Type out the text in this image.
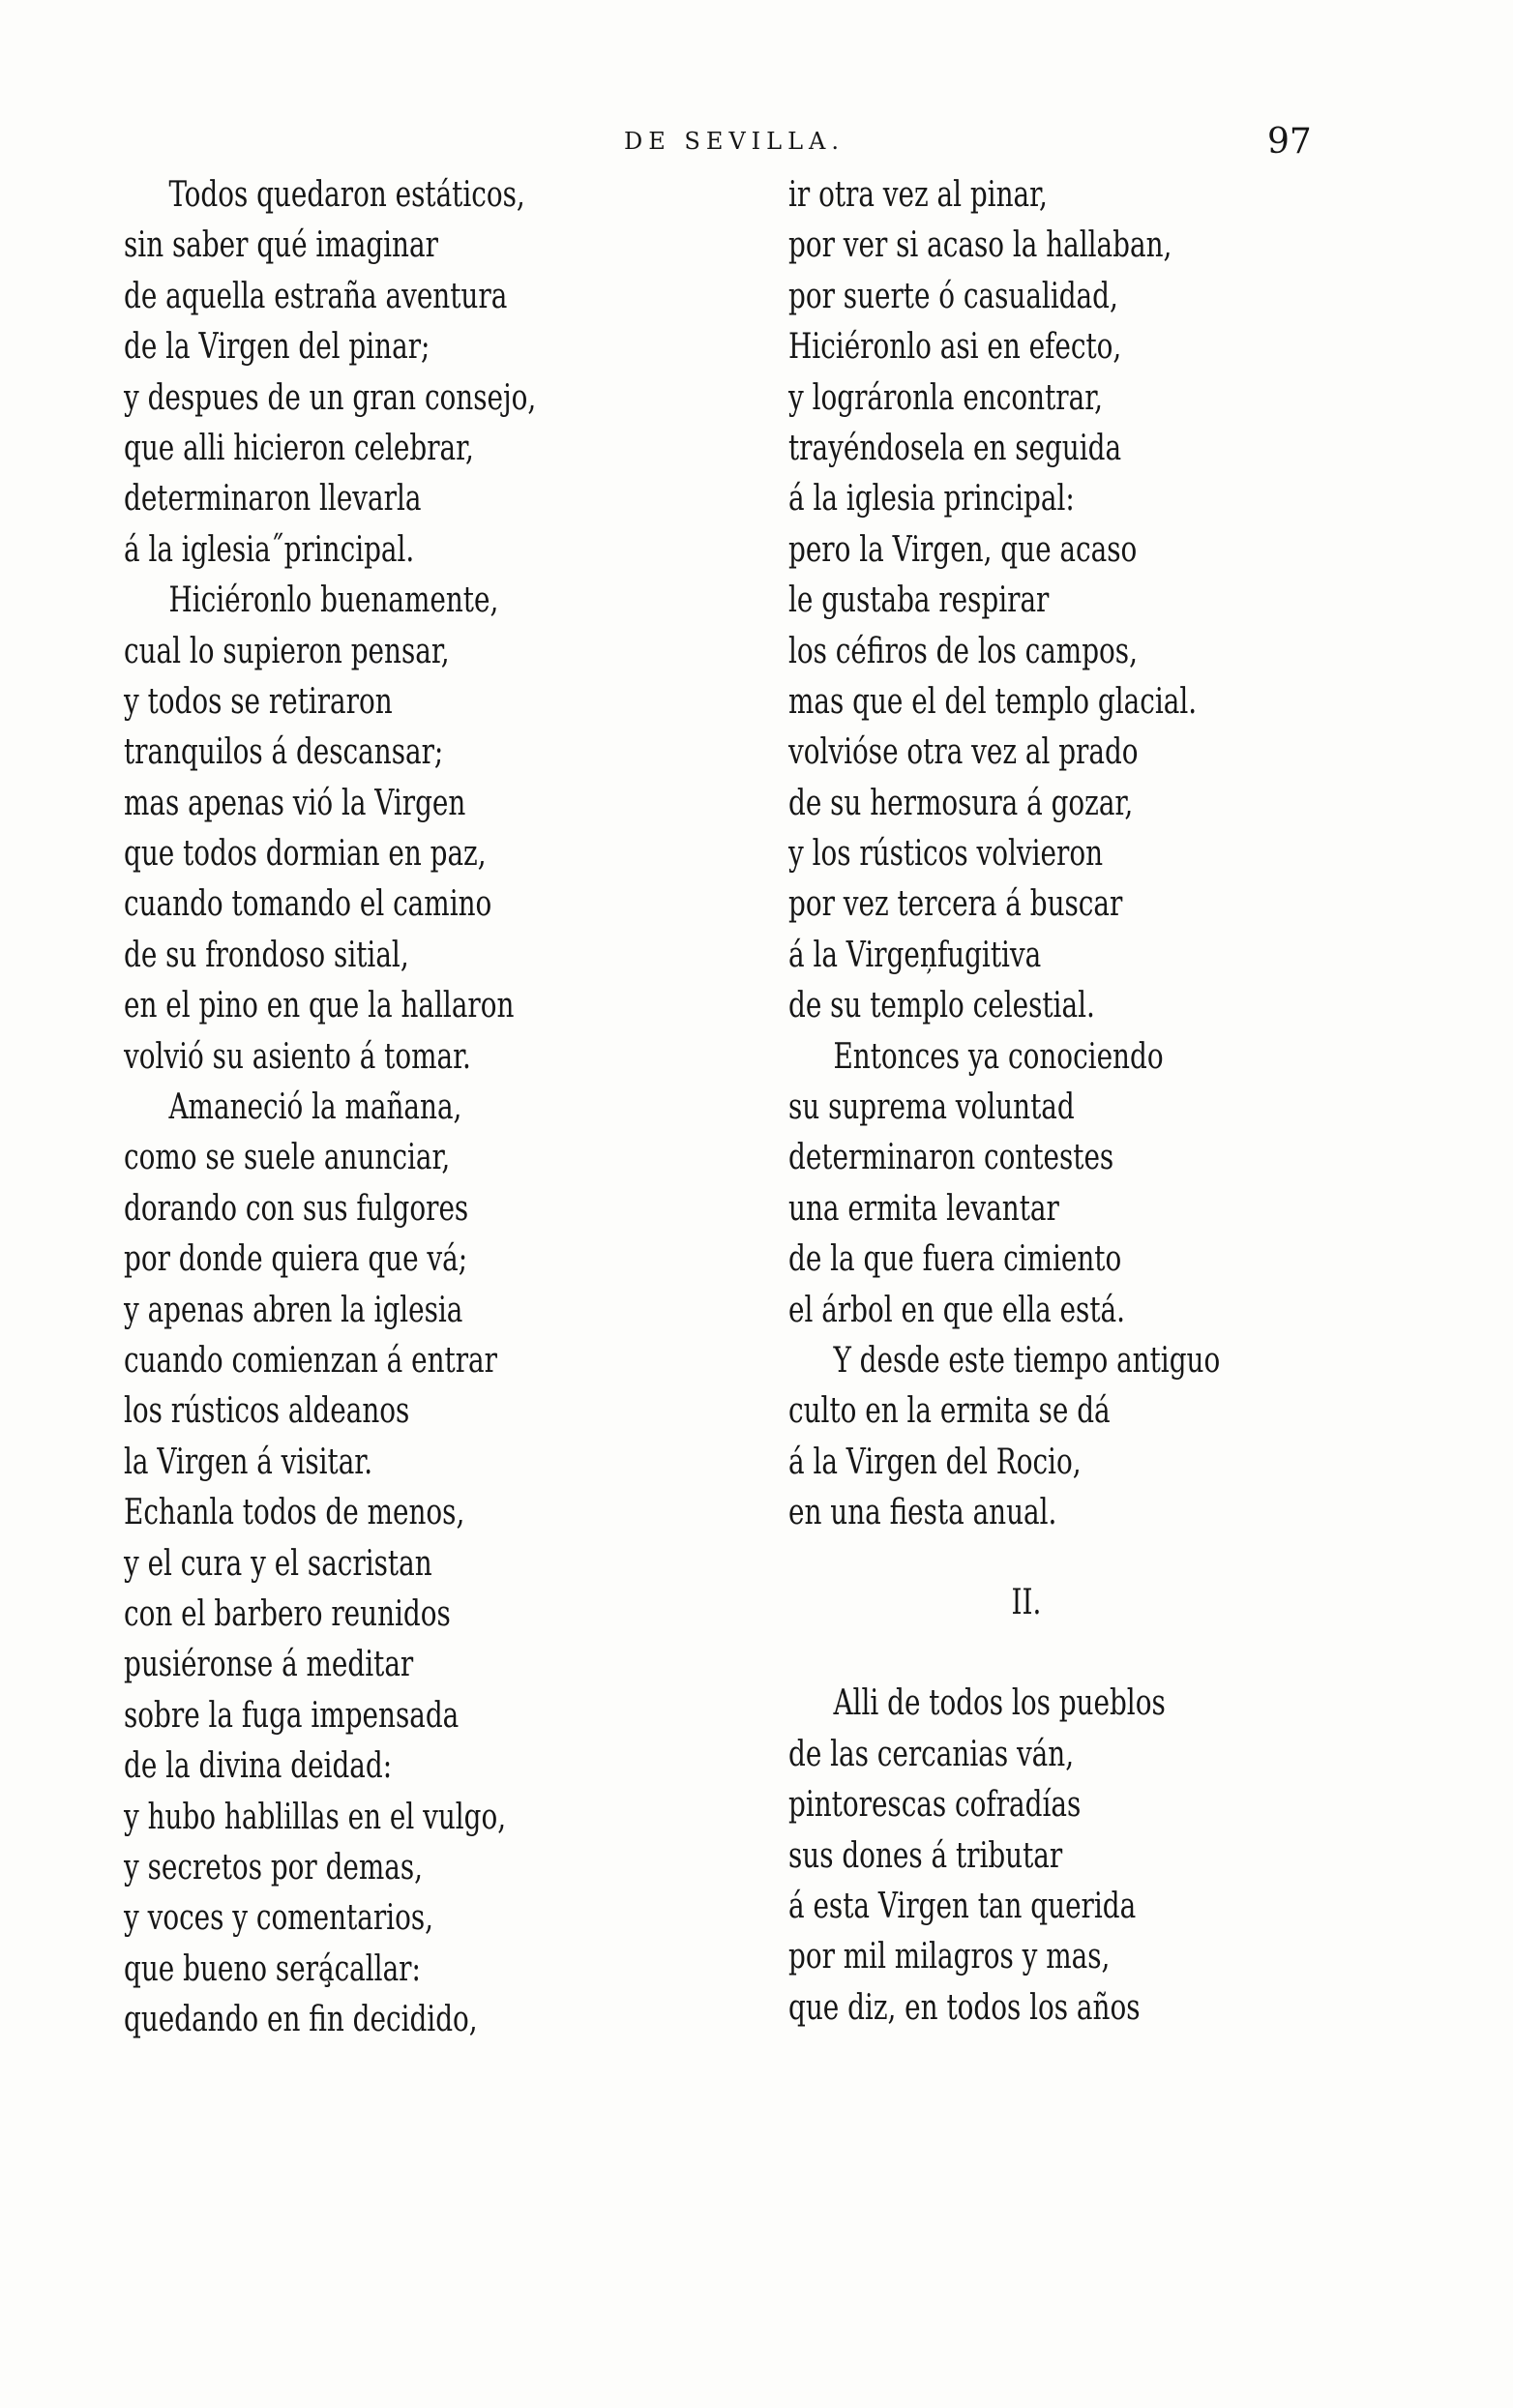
DE SEVILLA.	97
Todos quedaron estáticos,
sin saber qué imaginar
de aquella estraña aventura
de la Virgen del pinar;
y despues de un gran consejo,
que alli hicieron celebrar,
determinaron llevarla
á la iglesia˝principal.
Hiciéronlo buenamente,
cual lo supieron pensar,
y todos se retiraron
tranquilos á descansar;
mas apenas vió la Virgen
que todos dormian en paz,
cuando tomando el camino
de su frondoso sitial,
en el pino en que la hallaron
volvió su asiento á tomar.
Amaneció la mañana,
como se suele anunciar,
dorando con sus fulgores
por donde quiera que vá;
y apenas abren la iglesia
cuando comienzan á entrar
los rústicos aldeanos
la Virgen á visitar.
Echanla todos de menos,
y el cura y el sacristan
con el barbero reunidos
pusiéronse á meditar
sobre la fuga impensada
de la divina deidad:
y hubo hablillas en el vulgo,
y secretos por demas,
y voces y comentarios,
que bueno será̧callar:
quedando en fin decidido,
ir otra vez al pinar,
por ver si acaso la hallaban,
por suerte ó casualidad,
Hiciéronlo asi en efecto,
y lográronla encontrar,
trayéndosela en seguida
á la iglesia principal:
pero la Virgen, que acaso
le gustaba respirar
los céfiros de los campos,
mas que el del templo glacial.
volvióse otra vez al prado
de su hermosura á gozar,
y los rústicos volvieron
por vez tercera á buscar
á la Virgeņfugitiva
de su templo celestial.
Entonces ya conociendo
su suprema voluntad
determinaron contestes
una ermita levantar
de la que fuera cimiento
el árbol en que ella está.
Y desde este tiempo antiguo
culto en la ermita se dá
á la Virgen del Rocio,
en una fiesta anual.
II.
Alli de todos los pueblos
de las cercanias ván,
pintorescas cofradías
sus dones á tributar
á esta Virgen tan querida
por mil milagros y mas,
que diz, en todos los años
